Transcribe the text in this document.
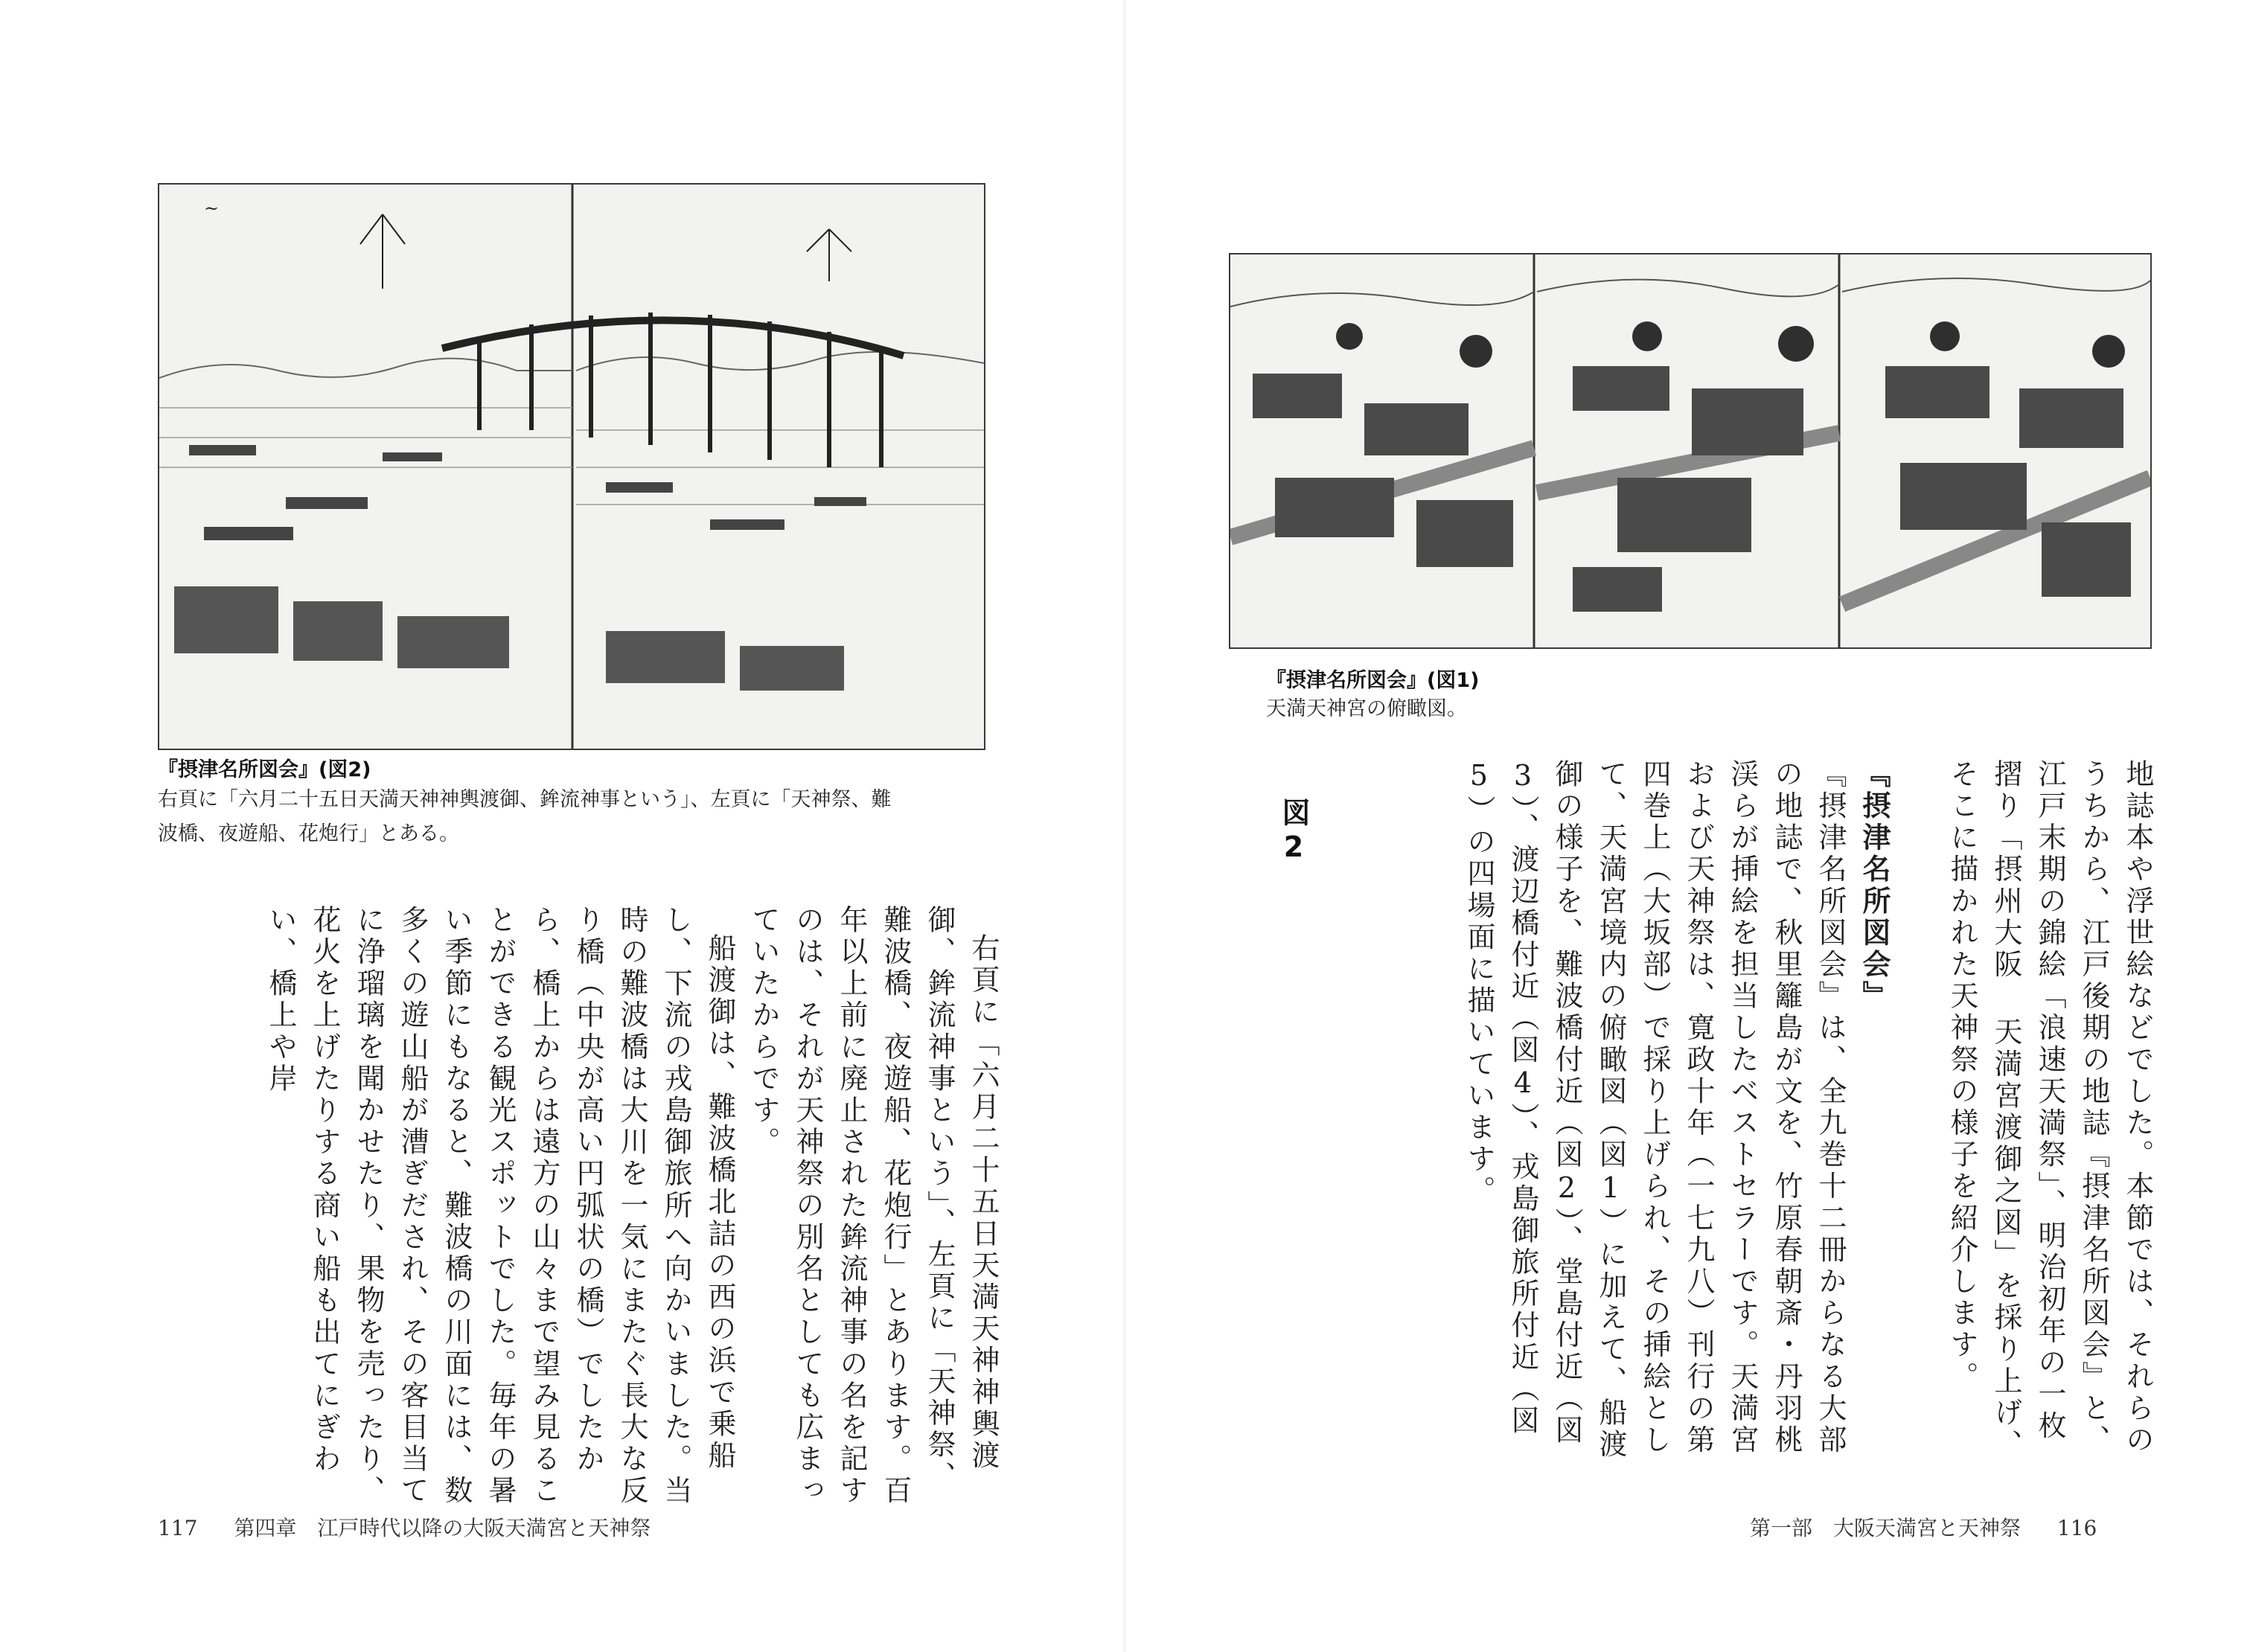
~
『摂津名所図会』(図2)
右頁に「六月二十五日天満天神神輿渡御、鉾流神事という」、左頁に「天神祭、難
波橋、夜遊船、花炮行」とある。

右頁に「六月二十五日天満天神神輿渡御、鉾流神事という」、左頁に「天神祭、難波橋、夜遊船、花炮行」とあります。百年以上前に廃止された鉾流神事の名を記すのは、それが天神祭の別名としても広まっていたからです。

船渡御は、難波橋北詰の西の浜で乗船し、下流の戎島御旅所へ向かいました。当時の難波橋は大川を一気にまたぐ長大な反り橋（中央が高い円弧状の橋）でしたから、橋上からは遠方の山々まで望み見ることができる観光スポットでした。毎年の暑い季節にもなると、難波橋の川面には、数多くの遊山船が漕ぎだされ、その客目当てに浄瑠璃を聞かせたり、果物を売ったり、花火を上げたりする商い船も出てにぎわい、橋上や岸

117 第四章　江戸時代以降の大阪天満宮と天神祭
『摂津名所図会』(図1)
天満天神宮の俯瞰図。

地誌本や浮世絵などでした。本節では、それらのうちから、江戸後期の地誌『摂津名所図会』と、江戸末期の錦絵「浪速天満祭」、明治初年の一枚摺り「摂州大阪 天満宮渡御之図」を採り上げ、そこに描かれた天神祭の様子を紹介します。

『摂津名所図会』

『摂津名所図会』は、全九巻十二冊からなる大部の地誌で、秋里籬島が文を、竹原春朝斎・丹羽桃渓らが挿絵を担当したベストセラーです。天満宮および天神祭は、寛政十年（一七九八）刊行の第四巻上（大坂部）で採り上げられ、その挿絵として、天満宮境内の俯瞰図（図1）に加えて、船渡御の様子を、難波橋付近（図2）、堂島付近（図3）、渡辺橋付近（図4）、戎島御旅所付近（図5）の四場面に描いています。

図2
第一部　大阪天満宮と天神祭 116
